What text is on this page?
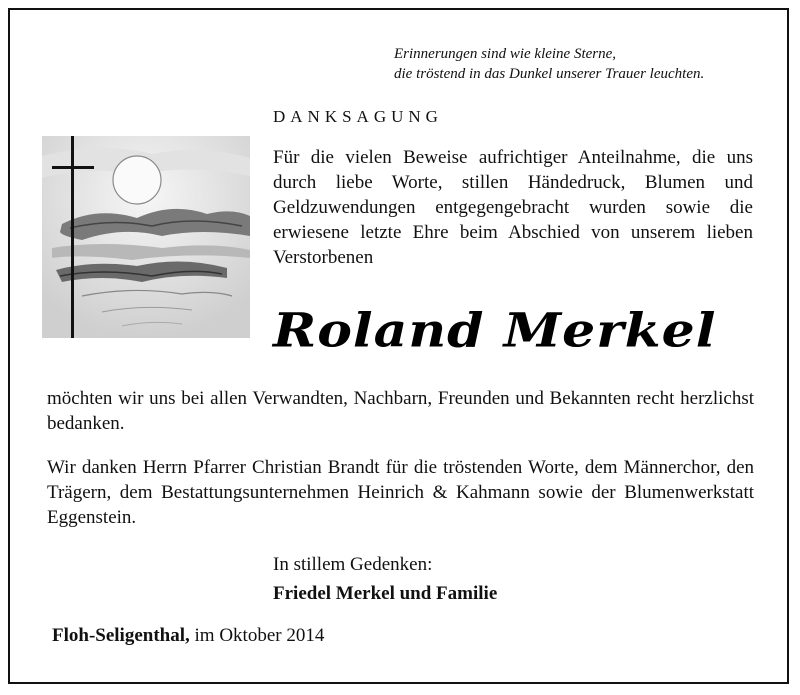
Erinnerungen sind wie kleine Sterne,
die tröstend in das Dunkel unserer Trauer leuchten.
DANKSAGUNG
Für die vielen Beweise aufrichtiger Anteilnahme, die uns durch liebe Worte, stillen Händedruck, Blumen und Geldzuwendungen entgegengebracht wurden sowie die erwiesene letzte Ehre beim Abschied von unserem lieben Verstorbenen
Roland Merkel
möchten wir uns bei allen Verwandten, Nachbarn, Freunden und Bekannten recht herzlichst bedanken.
Wir danken Herrn Pfarrer Christian Brandt für die tröstenden Worte, dem Männerchor, den Trägern, dem Bestattungsunternehmen Heinrich & Kahmann sowie der Blumenwerkstatt Eggenstein.
In stillem Gedenken:
Friedel Merkel und Familie
Floh-Seligenthal, im Oktober 2014
